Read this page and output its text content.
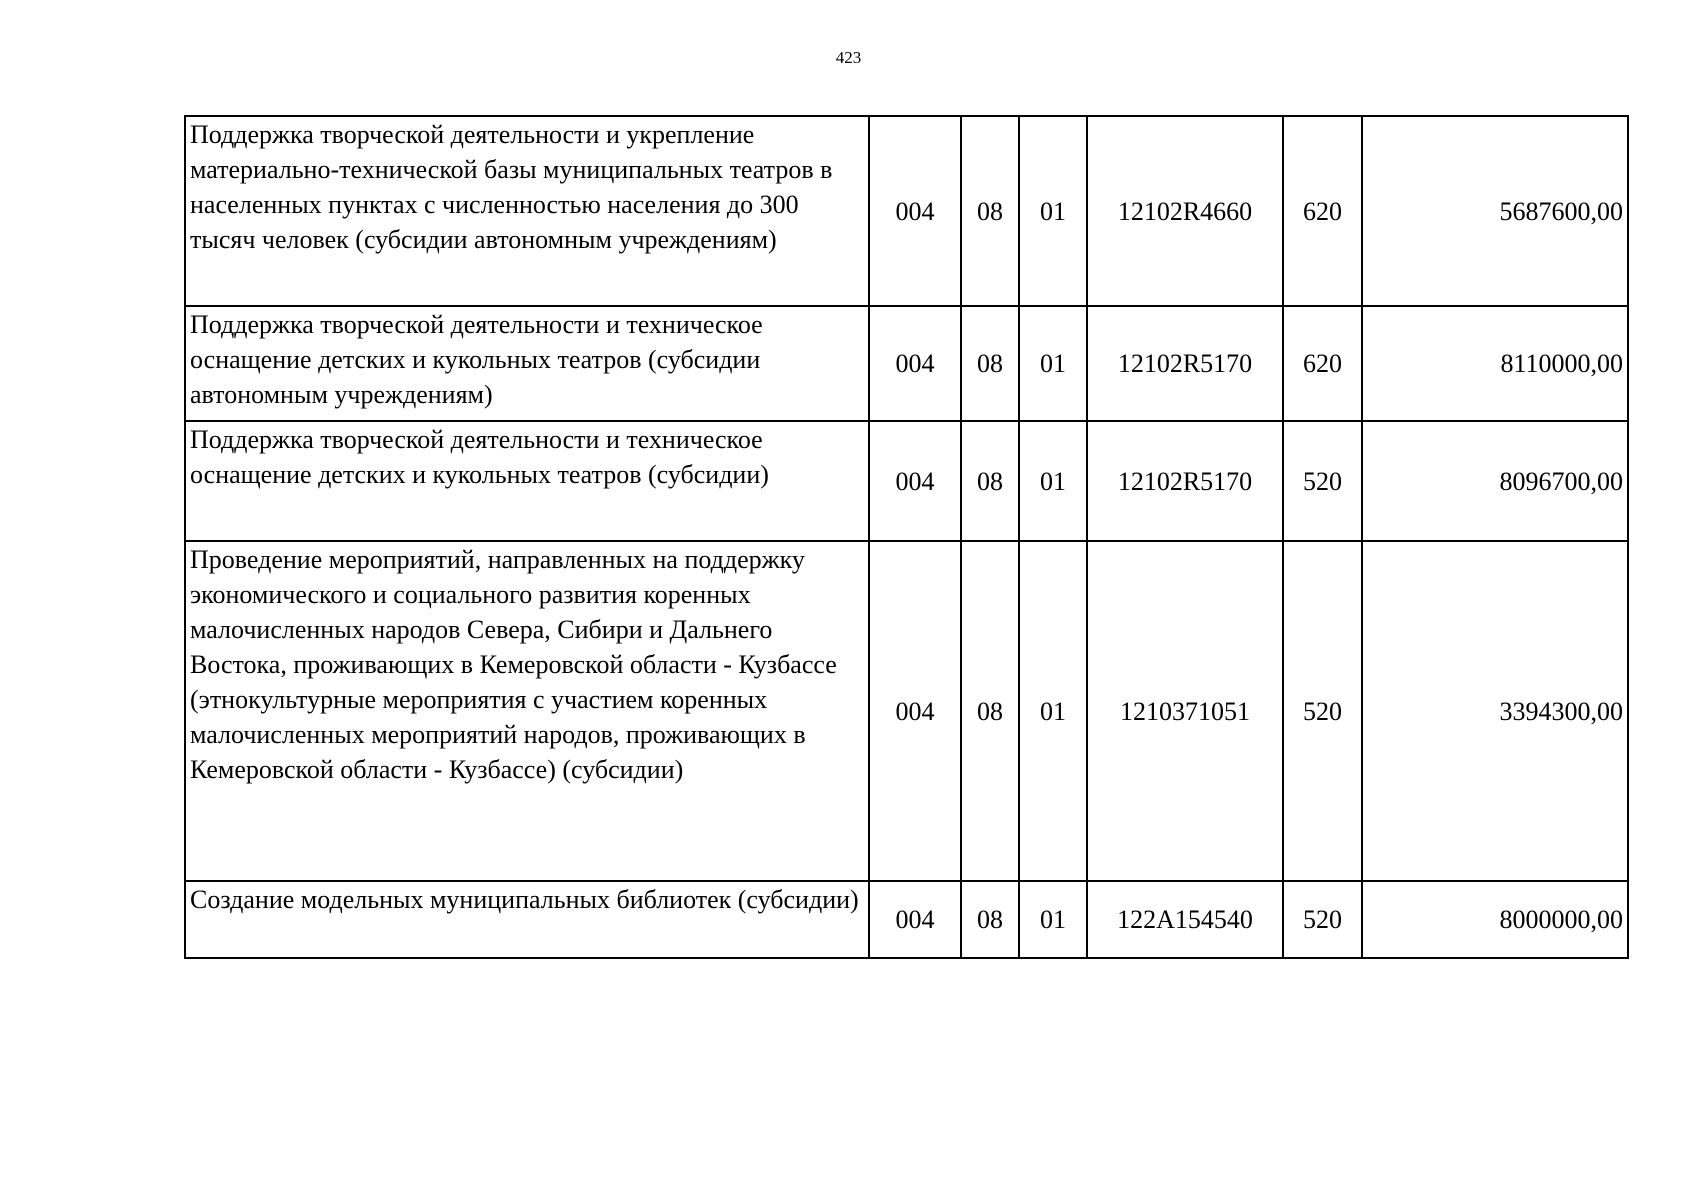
423
Поддержка творческой деятельности и укрепление материально-технической базы муниципальных театров в населенных пунктах с численностью населения до 300 тысяч человек (субсидии автономным учреждениям)	004	08	01	12102R4660	620	5687600,00
Поддержка творческой деятельности и техническое оснащение детских и кукольных театров (субсидии автономным учреждениям)	004	08	01	12102R5170	620	8110000,00
Поддержка творческой деятельности и техническое оснащение детских и кукольных театров (субсидии)	004	08	01	12102R5170	520	8096700,00
Проведение мероприятий, направленных на поддержку экономического и социального развития коренных малочисленных народов Севера, Сибири и Дальнего Востока, проживающих в Кемеровской области - Кузбассе (этнокультурные мероприятия с участием коренных малочисленных мероприятий народов, проживающих в Кемеровской области - Кузбассе) (субсидии)	004	08	01	1210371051	520	3394300,00
Создание модельных муниципальных библиотек (субсидии)	004	08	01	122A154540	520	8000000,00
